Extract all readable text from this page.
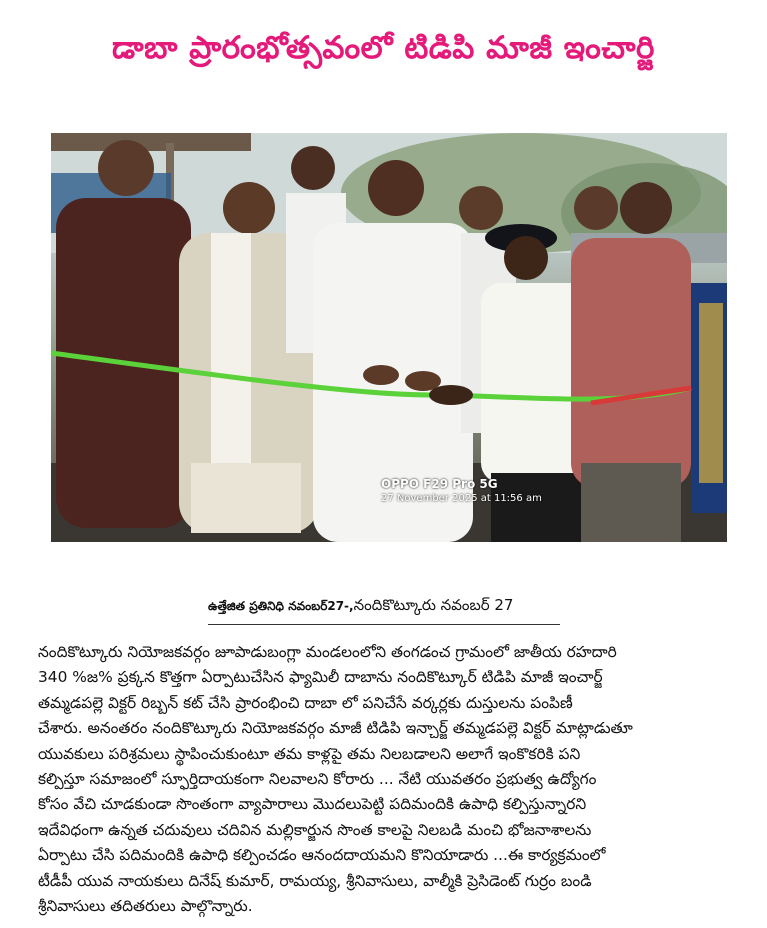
డాబా ప్రారంభోత్సవంలో టిడిపి మాజీ ఇంచార్జి
OPPO F29 Pro 5G
27 November 2025 at 11:56 am
ఉత్తేజిత ప్రతినిధి నవంబర్27-,నందికొట్కూరు నవంబర్ 27
నందికొట్కూరు నియోజకవర్గం జూపాడుబంగ్లా మండలంలోని తంగడంచ గ్రామంలో జాతీయ రహదారి
340 %జ% ప్రక్కన కొత్తగా ఏర్పాటుచేసిన ఫ్యామిలీ దాబాను నందికొట్కూర్ టిడిపి మాజీ ఇంచార్జ్
తమ్మడపల్లె విక్టర్ రిబ్బన్ కట్ చేసి ప్రారంభించి దాబా లో పనిచేసే వర్కర్లకు దుస్తులను పంపిణీ
చేశారు. అనంతరం నందికొట్కూరు నియోజకవర్గం మాజీ టిడిపి ఇన్చార్జ్ తమ్మడపల్లె విక్టర్ మాట్లాడుతూ
యువకులు పరిశ్రమలు స్థాపించుకుంటూ తమ కాళ్లపై తమ నిలబడాలని అలాగే ఇంకొకరికి పని
కల్పిస్తూ సమాజంలో స్ఫూర్తిదాయకంగా నిలవాలని కోరారు ... నేటి యువతరం ప్రభుత్వ ఉద్యోగం
కోసం వేచి చూడకుండా సొంతంగా వ్యాపారాలు మొదలుపెట్టి పదిమందికి ఉపాధి కల్పిస్తున్నారని
ఇదేవిధంగా ఉన్నత చదువులు చదివిన మల్లికార్జున సొంత కాలపై నిలబడి మంచి భోజనాశాలను
ఏర్పాటు చేసి పదిమందికి ఉపాధి కల్పించడం ఆనందదాయమని కొనియాడారు ...ఈ కార్యక్రమంలో
టీడీపీ యువ నాయకులు దినేష్ కుమార్, రామయ్య, శ్రీనివాసులు, వాల్మీకి ప్రెసిడెంట్ గుర్రం బండి
శ్రీనివాసులు తదితరులు పాల్గొన్నారు.
